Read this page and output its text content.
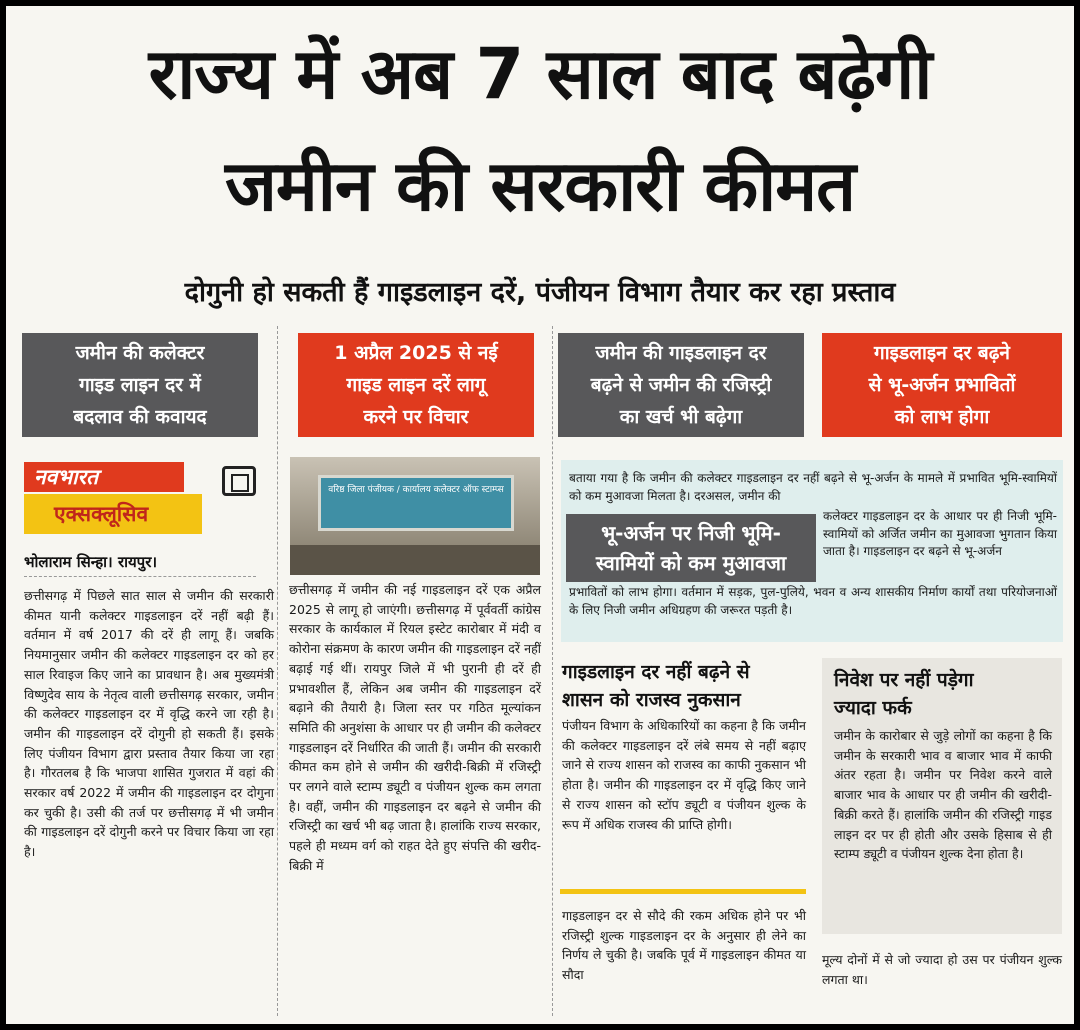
राज्य में अब 7 साल बाद बढ़ेगी
जमीन की सरकारी कीमत
दोगुनी हो सकती हैं गाइडलाइन दरें, पंजीयन विभाग तैयार कर रहा प्रस्ताव
जमीन की कलेक्टर
गाइड लाइन दर में
बदलाव की कवायद
1 अप्रैल 2025 से नई
गाइड लाइन दरें लागू
करने पर विचार
जमीन की गाइडलाइन दर
बढ़ने से जमीन की रजिस्ट्री
का खर्च भी बढ़ेगा
गाइडलाइन दर बढ़ने
से भू-अर्जन प्रभावितों
को लाभ होगा
नवभारत
एक्सक्लूसिव
भोलाराम सिन्हा। रायपुर।
छत्तीसगढ़ में पिछले सात साल से जमीन की सरकारी कीमत यानी कलेक्टर गाइडलाइन दरें नहीं बढ़ी हैं। वर्तमान में वर्ष 2017 की दरें ही लागू हैं। जबकि नियमानुसार जमीन की कलेक्टर गाइडलाइन दर को हर साल रिवाइज किए जाने का प्रावधान है। अब मुख्यमंत्री विष्णुदेव साय के नेतृत्व वाली छत्तीसगढ़ सरकार, जमीन की कलेक्टर गाइडलाइन दर में वृद्धि करने जा रही है। जमीन की गाइडलाइन दरें दोगुनी हो सकती हैं। इसके लिए पंजीयन विभाग द्वारा प्रस्ताव तैयार किया जा रहा है। गौरतलब है कि भाजपा शासित गुजरात में वहां की सरकार वर्ष 2022 में जमीन की गाइडलाइन दर दोगुना कर चुकी है। उसी की तर्ज पर छत्तीसगढ़ में भी जमीन की गाइडलाइन दरें दोगुनी करने पर विचार किया जा रहा है।
वरिष्ठ जिला पंजीयक / कार्यालय कलेक्टर ऑफ स्टाम्प्स
छत्तीसगढ़ में जमीन की नई गाइडलाइन दरें एक अप्रैल 2025 से लागू हो जाएंगी। छत्तीसगढ़ में पूर्ववर्ती कांग्रेस सरकार के कार्यकाल में रियल इस्टेट कारोबार में मंदी व कोरोना संक्रमण के कारण जमीन की गाइडलाइन दरें नहीं बढ़ाई गई थीं। रायपुर जिले में भी पुरानी ही दरें ही प्रभावशील हैं, लेकिन अब जमीन की गाइडलाइन दरें बढ़ाने की तैयारी है। जिला स्तर पर गठित मूल्यांकन समिति की अनुशंसा के आधार पर ही जमीन की कलेक्टर गाइडलाइन दरें निर्धारित की जाती हैं। जमीन की सरकारी कीमत कम होने से जमीन की खरीदी-बिक्री में रजिस्ट्री पर लगने वाले स्टाम्प ड्यूटी व पंजीयन शुल्क कम लगता है। वहीं, जमीन की गाइडलाइन दर बढ़ने से जमीन की रजिस्ट्री का खर्च भी बढ़ जाता है। हालांकि राज्य सरकार, पहले ही मध्यम वर्ग को राहत देते हुए संपत्ति की खरीद-बिक्री में
बताया गया है कि जमीन की कलेक्टर गाइडलाइन दर नहीं बढ़ने से भू-अर्जन के मामले में प्रभावित भूमि-स्वामियों को कम मुआवजा मिलता है। दरअसल, जमीन की
कलेक्टर गाइडलाइन दर के आधार पर ही निजी भूमि-स्वामियों को अर्जित जमीन का मुआवजा भुगतान किया जाता है। गाइडलाइन दर बढ़ने से भू-अर्जन
प्रभावितों को लाभ होगा। वर्तमान में सड़क, पुल-पुलिये, भवन व अन्य शासकीय निर्माण कार्यों तथा परियोजनाओं के लिए निजी जमीन अधिग्रहण की जरूरत पड़ती है।
भू-अर्जन पर निजी भूमि-
स्वामियों को कम मुआवजा
गाइडलाइन दर नहीं बढ़ने से
शासन को राजस्व नुकसान
पंजीयन विभाग के अधिकारियों का कहना है कि जमीन की कलेक्टर गाइडलाइन दरें लंबे समय से नहीं बढ़ाए जाने से राज्य शासन को राजस्व का काफी नुकसान भी होता है। जमीन की गाइडलाइन दर में वृद्धि किए जाने से राज्य शासन को स्टॉप ड्यूटी व पंजीयन शुल्क के रूप में अधिक राजस्व की प्राप्ति होगी।
गाइडलाइन दर से सौदे की रकम अधिक होने पर भी रजिस्ट्री शुल्क गाइडलाइन दर के अनुसार ही लेने का निर्णय ले चुकी है। जबकि पूर्व में गाइडलाइन कीमत या सौदा
निवेश पर नहीं पड़ेगा
ज्यादा फर्क
जमीन के कारोबार से जुड़े लोगों का कहना है कि जमीन के सरकारी भाव व बाजार भाव में काफी अंतर रहता है। जमीन पर निवेश करने वाले बाजार भाव के आधार पर ही जमीन की खरीदी-बिक्री करते हैं। हालांकि जमीन की रजिस्ट्री गाइड लाइन दर पर ही होती और उसके हिसाब से ही स्टाम्प ड्यूटी व पंजीयन शुल्क देना होता है।
मूल्य दोनों में से जो ज्यादा हो उस पर पंजीयन शुल्क लगता था।
